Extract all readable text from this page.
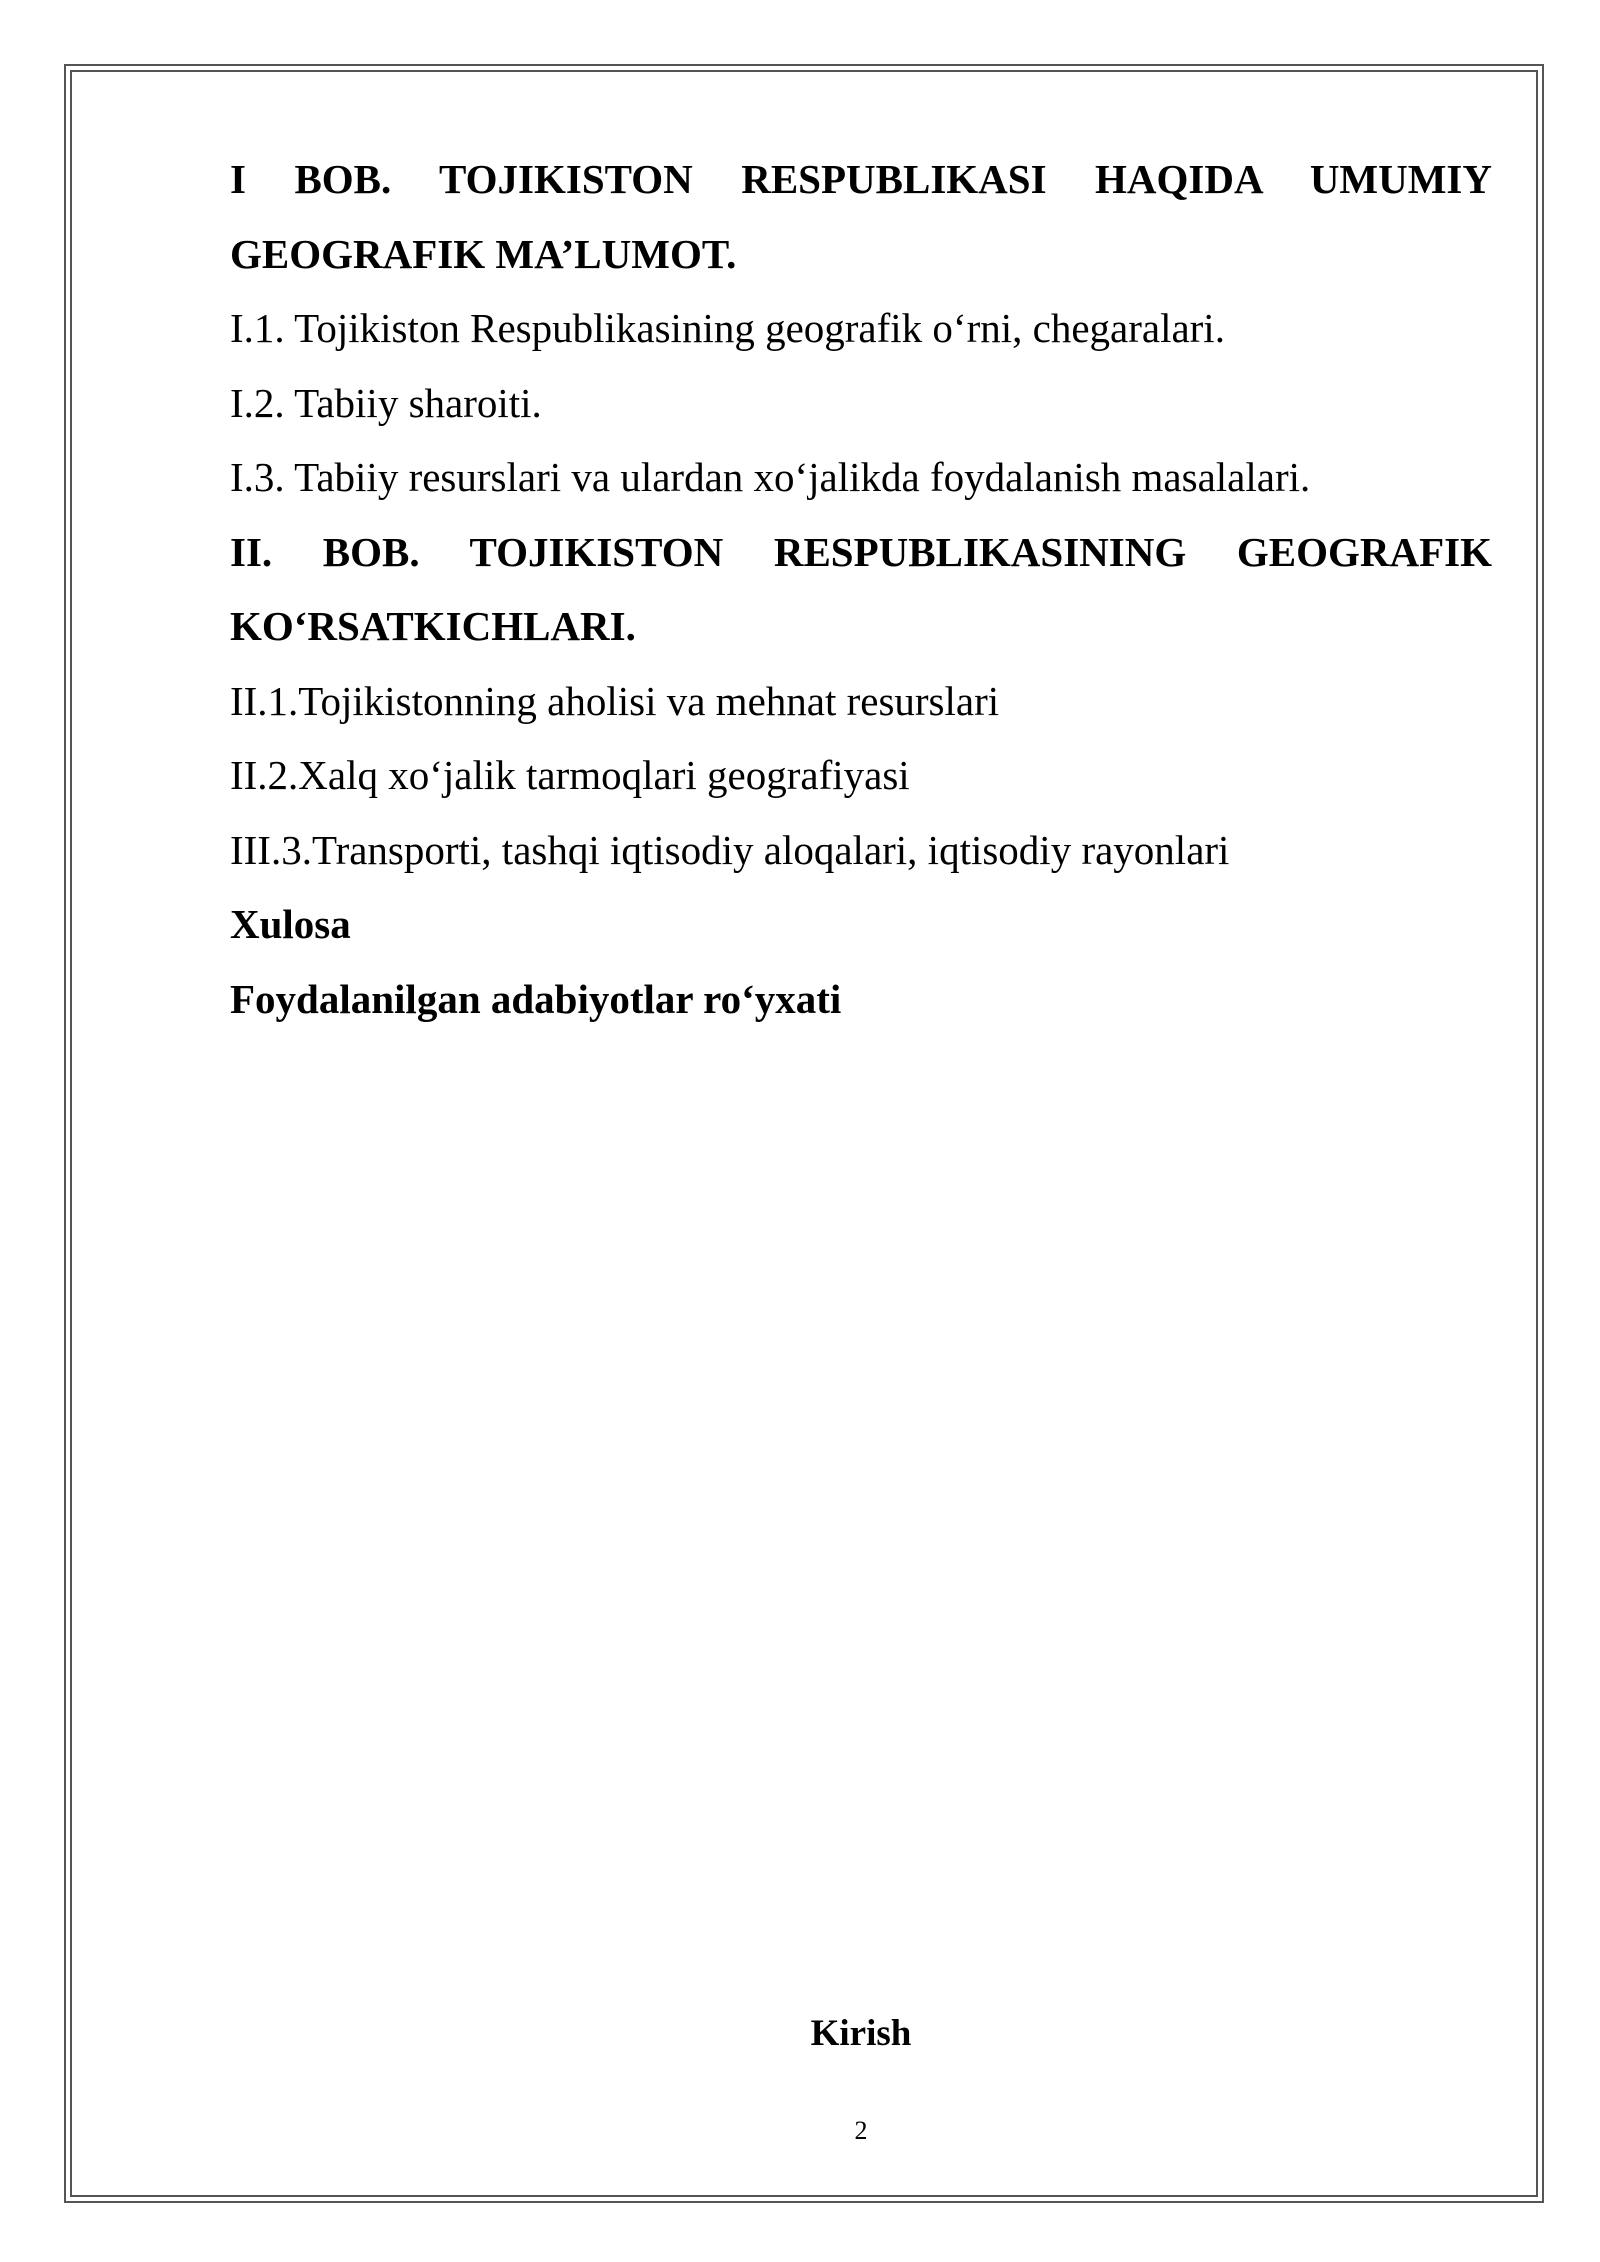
I BOB. TOJIKISTON RESPUBLIKASI HAQIDA UMUMIY

GEOGRAFIK MA’LUMOT.

I.1. Tojikiston Respublikasining geografik o‘rni, chegaralari.

I.2. Tabiiy sharoiti.

I.3. Tabiiy resurslari va ulardan xo‘jalikda foydalanish masalalari.

II. BOB. TOJIKISTON RESPUBLIKASINING GEOGRAFIK

KO‘RSATKICHLARI.

II.1.Tojikistonning aholisi va mehnat resurslari

II.2.Xalq xo‘jalik tarmoqlari geografiyasi

III.3.Transporti, tashqi iqtisodiy aloqalari, iqtisodiy rayonlari

Xulosa

Foydalanilgan adabiyotlar ro‘yxati

Kirish

2
